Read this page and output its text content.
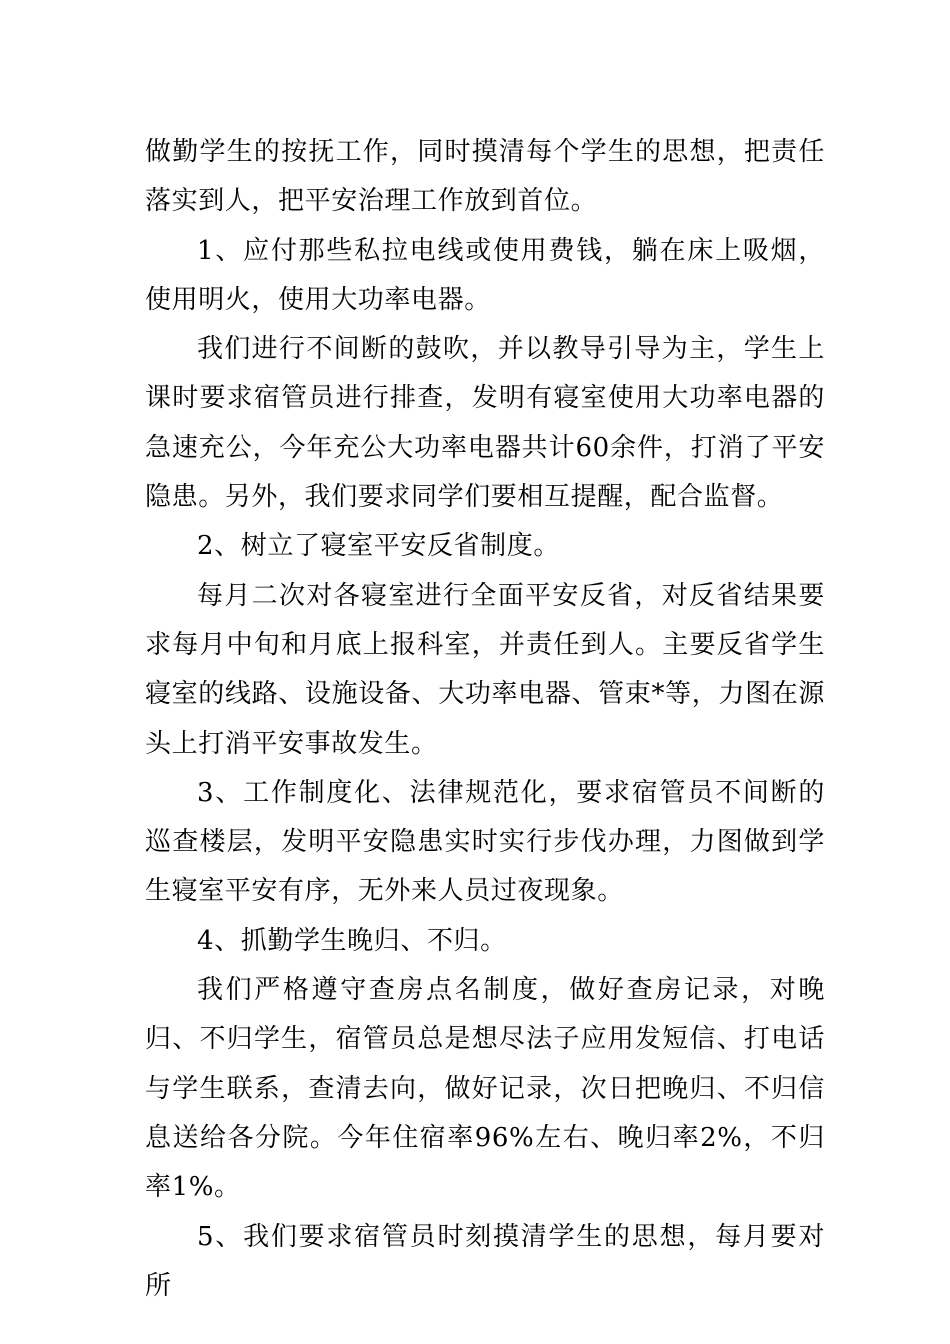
做勤学生的按抚工作，同时摸清每个学生的思想，把责任落实到人，把平安治理工作放到首位。

1、应付那些私拉电线或使用费钱，躺在床上吸烟，使用明火，使用大功率电器。

我们进行不间断的鼓吹，并以教导引导为主，学生上课时要求宿管员进行排查，发明有寝室使用大功率电器的急速充公，今年充公大功率电器共计60余件，打消了平安隐患。另外，我们要求同学们要相互提醒，配合监督。

2、树立了寝室平安反省制度。

每月二次对各寝室进行全面平安反省，对反省结果要求每月中旬和月底上报科室，并责任到人。主要反省学生寝室的线路、设施设备、大功率电器、管束*等，力图在源头上打消平安事故发生。

3、工作制度化、法律规范化，要求宿管员不间断的巡查楼层，发明平安隐患实时实行步伐办理，力图做到学生寝室平安有序，无外来人员过夜现象。

4、抓勤学生晚归、不归。

我们严格遵守查房点名制度，做好查房记录，对晚归、不归学生，宿管员总是想尽法子应用发短信、打电话与学生联系，查清去向，做好记录，次日把晚归、不归信息送给各分院。今年住宿率96%左右、晚归率2%，不归率1%。

5、我们要求宿管员时刻摸清学生的思想，每月要对所
